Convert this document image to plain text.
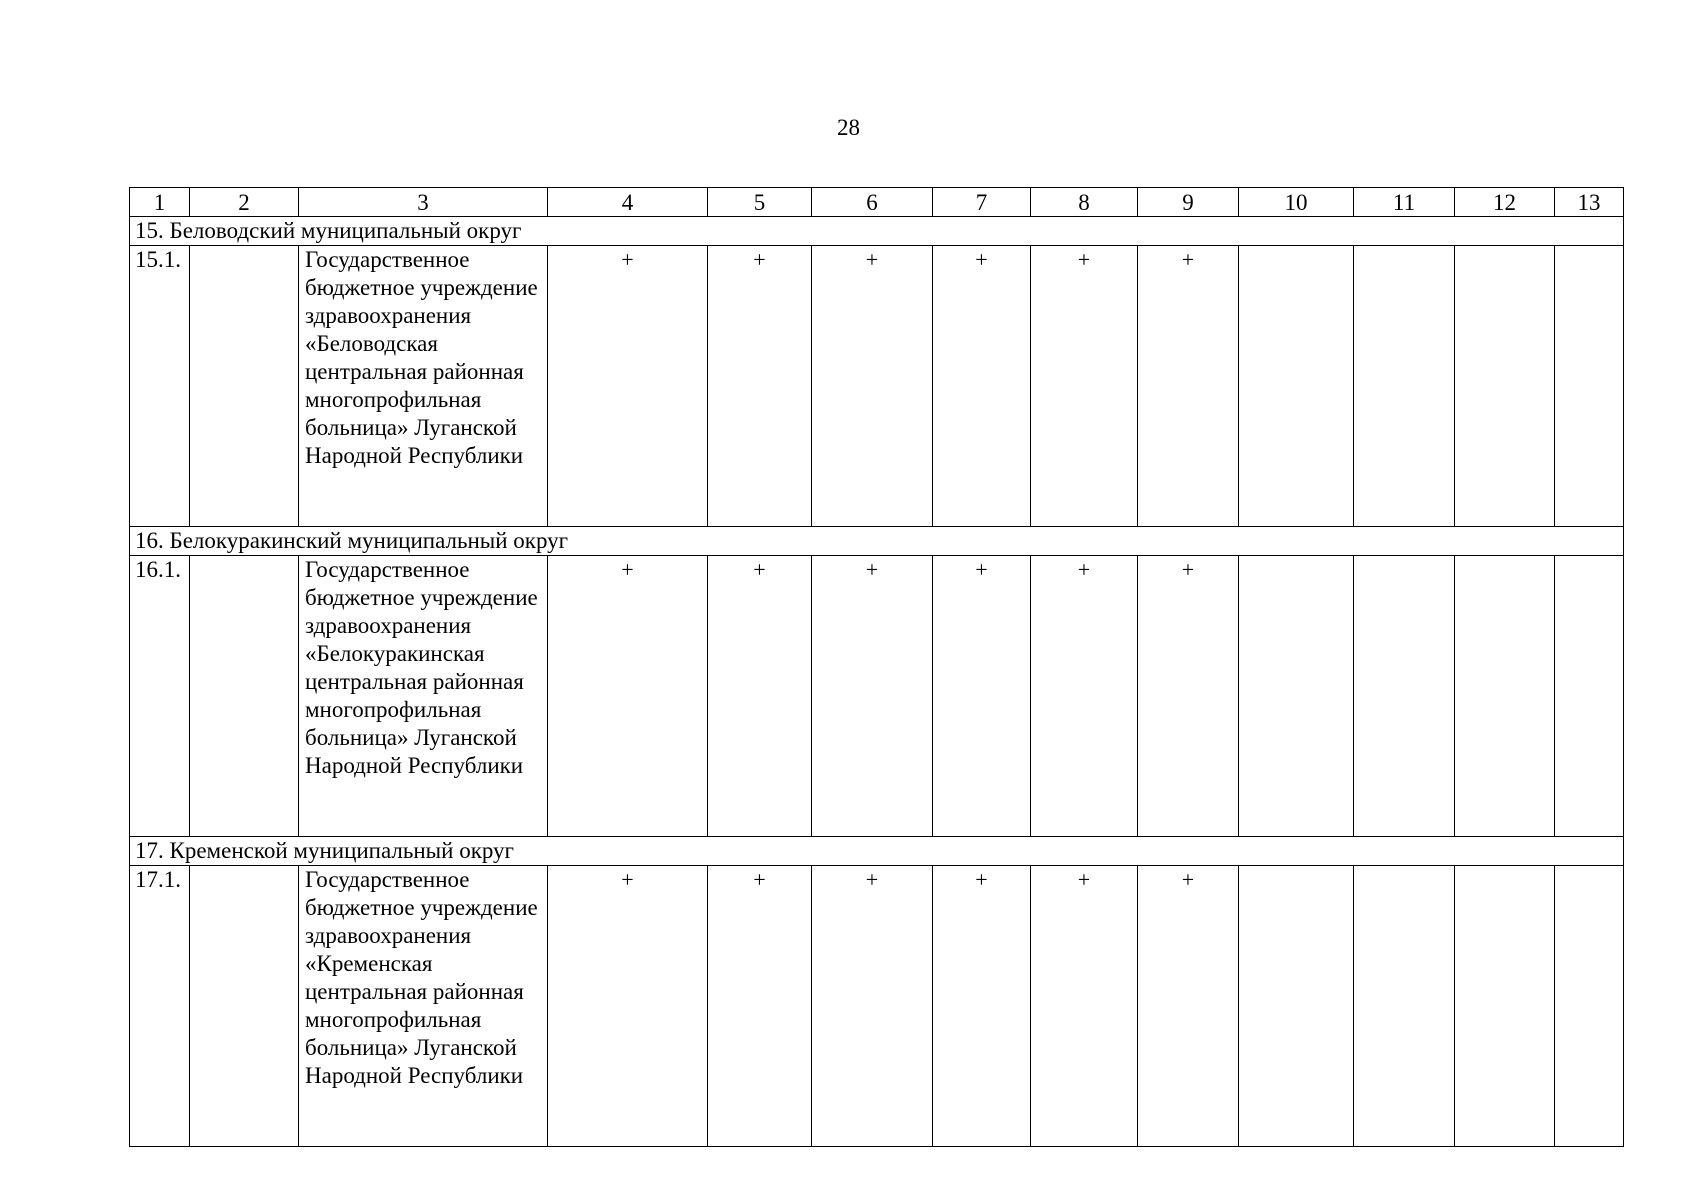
28
1	2	3	4	5	6	7	8	9	10	11	12	13
15. Беловодский муниципальный округ												
15.1.		Государственное бюджетное учреждение здравоохранения «Беловодская центральная районная многопрофильная больница» Луганской Народной Республики	+	+	+	+	+	+				
16. Белокуракинский муниципальный округ												
16.1.		Государственное бюджетное учреждение здравоохранения «Белокуракинская центральная районная многопрофильная больница» Луганской Народной Республики	+	+	+	+	+	+				
17. Кременской муниципальный округ												
17.1.		Государственное бюджетное учреждение здравоохранения «Кременская центральная районная многопрофильная больница» Луганской Народной Республики	+	+	+	+	+	+				
